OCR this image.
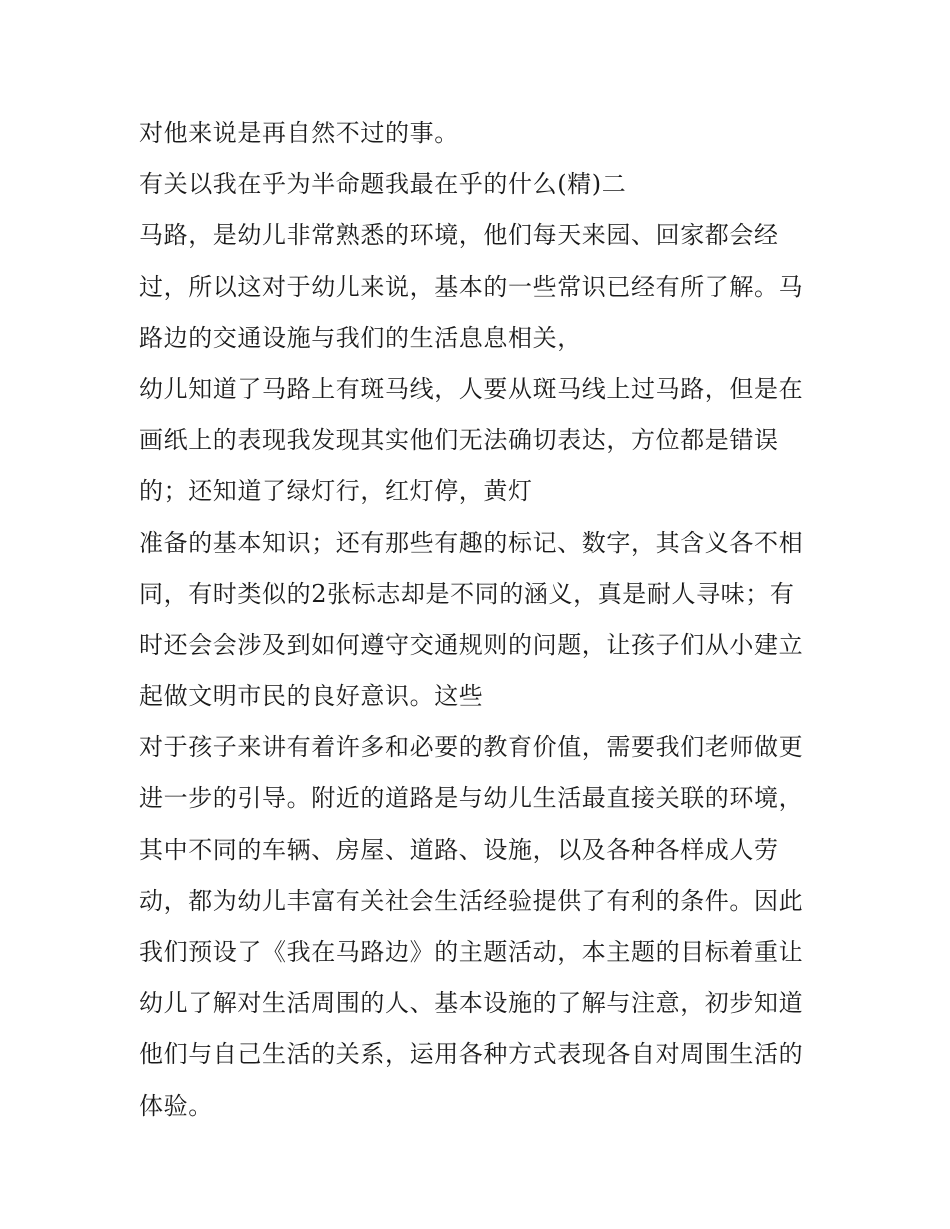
对他来说是再自然不过的事。
有关以我在乎为半命题我最在乎的什么(精)二
马路，是幼儿非常熟悉的环境，他们每天来园、回家都会经
过，所以这对于幼儿来说，基本的一些常识已经有所了解。马
路边的交通设施与我们的生活息息相关，
幼儿知道了马路上有斑马线，人要从斑马线上过马路，但是在
画纸上的表现我发现其实他们无法确切表达，方位都是错误
的；还知道了绿灯行，红灯停，黄灯
准备的基本知识；还有那些有趣的标记、数字，其含义各不相
同，有时类似的2张标志却是不同的涵义，真是耐人寻味；有
时还会会涉及到如何遵守交通规则的问题，让孩子们从小建立
起做文明市民的良好意识。这些
对于孩子来讲有着许多和必要的教育价值，需要我们老师做更
进一步的引导。附近的道路是与幼儿生活最直接关联的环境，
其中不同的车辆、房屋、道路、设施，以及各种各样成人劳
动，都为幼儿丰富有关社会生活经验提供了有利的条件。因此
我们预设了《我在马路边》的主题活动，本主题的目标着重让
幼儿了解对生活周围的人、基本设施的了解与注意，初步知道
他们与自己生活的关系，运用各种方式表现各自对周围生活的
体验。
